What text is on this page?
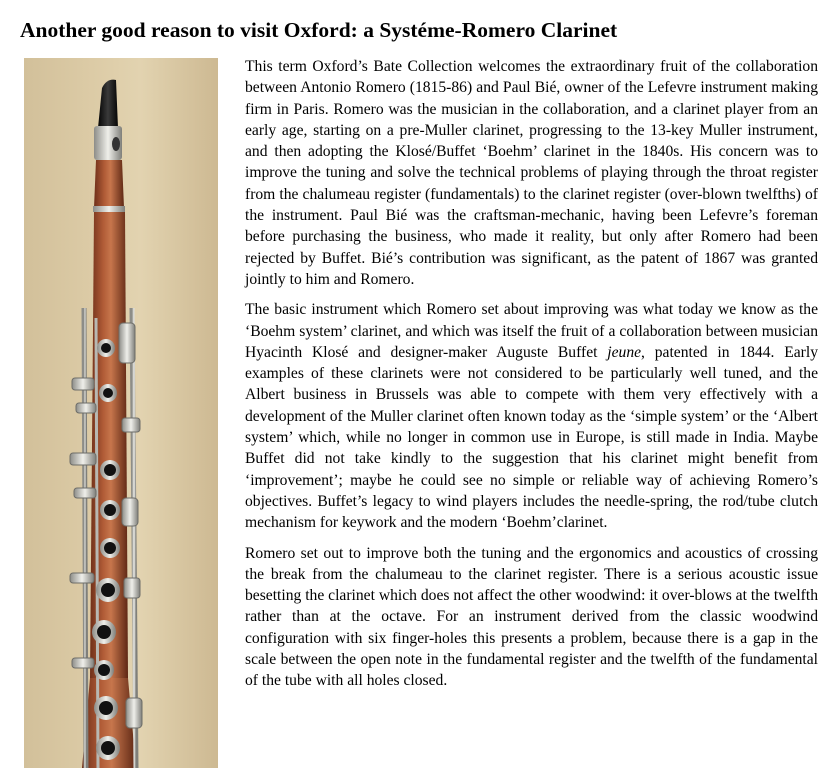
Another good reason to visit Oxford: a Systéme-Romero Clarinet

This term Oxford’s Bate Collection welcomes the extraordinary fruit of the collaboration between Antonio Romero (1815-86) and Paul Bié, owner of the Lefevre instrument making firm in Paris. Romero was the musician in the collaboration, and a clarinet player from an early age, starting on a pre-Muller clarinet, progressing to the 13-key Muller instrument, and then adopting the Klosé/Buffet ‘Boehm’ clarinet in the 1840s. His concern was to improve the tuning and solve the technical problems of playing through the throat register from the chalumeau register (fundamentals) to the clarinet register (over-blown twelfths) of the instrument. Paul Bié was the craftsman-mechanic, having been Lefevre’s foreman before purchasing the business, who made it reality, but only after Romero had been rejected by Buffet. Bié’s contribution was significant, as the patent of 1867 was granted jointly to him and Romero.

The basic instrument which Romero set about improving was what today we know as the ‘Boehm system’ clarinet, and which was itself the fruit of a collaboration between musician Hyacinth Klosé and designer-maker Auguste Buffet jeune, patented in 1844. Early examples of these clarinets were not considered to be particularly well tuned, and the Albert business in Brussels was able to compete with them very effectively with a development of the Muller clarinet often known today as the ‘simple system’ or the ‘Albert system’ which, while no longer in common use in Europe, is still made in India. Maybe Buffet did not take kindly to the suggestion that his clarinet might benefit from ‘improvement’; maybe he could see no simple or reliable way of achieving Romero’s objectives. Buffet’s legacy to wind players includes the needle-spring, the rod/tube clutch mechanism for keywork and the modern ‘Boehm’clarinet.

Romero set out to improve both the tuning and the ergonomics and acoustics of crossing the break from the chalumeau to the clarinet register. There is a serious acoustic issue besetting the clarinet which does not affect the other woodwind: it over-blows at the twelfth rather than at the octave. For an instrument derived from the classic woodwind configuration with six finger-holes this presents a problem, because there is a gap in the scale between the open note in the fundamental register and the twelfth of the fundamental of the tube with all holes closed.
